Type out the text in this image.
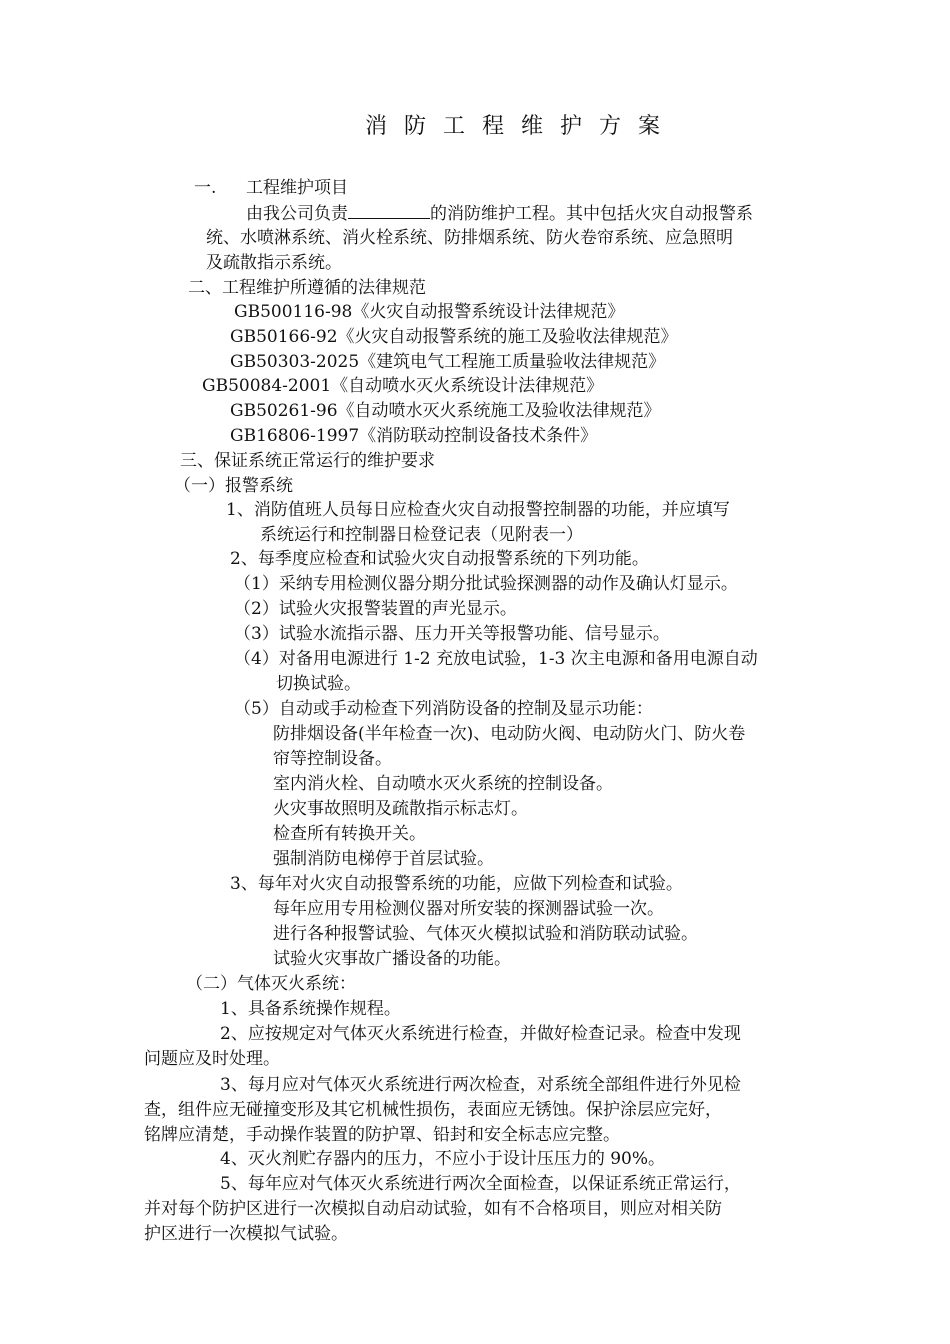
消 防 工 程 维 护 方 案
一. 工程维护项目
由我公司负责	的消防维护工程。其中包括火灾自动报警系
统、水喷淋系统、消火栓系统、防排烟系统、防火卷帘系统、应急照明
及疏散指示系统。
二、工程维护所遵循的法律规范
GB500116-98《火灾自动报警系统设计法律规范》
GB50166-92《火灾自动报警系统的施工及验收法律规范》
GB50303-2025《建筑电气工程施工质量验收法律规范》
GB50084-2001《自动喷水灭火系统设计法律规范》
GB50261-96《自动喷水灭火系统施工及验收法律规范》
GB16806-1997《消防联动控制设备技术条件》
三、保证系统正常运行的维护要求
（一）报警系统
1、消防值班人员每日应检查火灾自动报警控制器的功能，并应填写
系统运行和控制器日检登记表（见附表一）
2、每季度应检查和试验火灾自动报警系统的下列功能。
（1）采纳专用检测仪器分期分批试验探测器的动作及确认灯显示。
（2）试验火灾报警装置的声光显示。
（3）试验水流指示器、压力开关等报警功能、信号显示。
（4）对备用电源进行 1-2 充放电试验，1-3 次主电源和备用电源自动
切换试验。
（5）自动或手动检查下列消防设备的控制及显示功能：
防排烟设备(半年检查一次)、电动防火阀、电动防火门、防火卷
帘等控制设备。
室内消火栓、自动喷水灭火系统的控制设备。
火灾事故照明及疏散指示标志灯。
检查所有转换开关。
强制消防电梯停于首层试验。
3、每年对火灾自动报警系统的功能，应做下列检查和试验。
每年应用专用检测仪器对所安装的探测器试验一次。
进行各种报警试验、气体灭火模拟试验和消防联动试验。
试验火灾事故广播设备的功能。
（二）气体灭火系统：
1、具备系统操作规程。
2、应按规定对气体灭火系统进行检查，并做好检查记录。检查中发现
问题应及时处理。
3、每月应对气体灭火系统进行两次检查，对系统全部组件进行外见检
查，组件应无碰撞变形及其它机械性损伤，表面应无锈蚀。保护涂层应完好，
铭牌应清楚，手动操作装置的防护罩、铅封和安全标志应完整。
4、灭火剂贮存器内的压力，不应小于设计压压力的 90%。
5、每年应对气体灭火系统进行两次全面检查，以保证系统正常运行，
并对每个防护区进行一次模拟自动启动试验，如有不合格项目，则应对相关防
护区进行一次模拟气试验。
